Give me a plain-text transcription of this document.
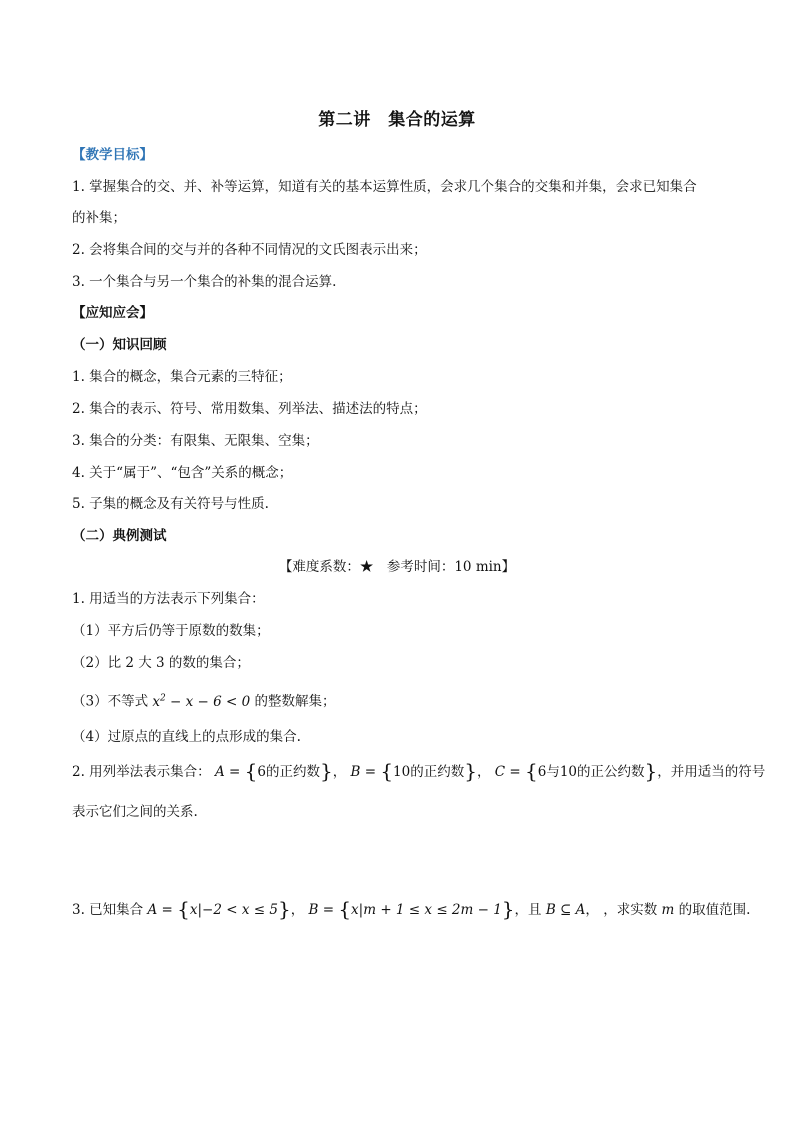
第二讲　集合的运算
【教学目标】
1. 掌握集合的交、并、补等运算，知道有关的基本运算性质，会求几个集合的交集和并集，会求已知集合
的补集；
2. 会将集合间的交与并的各种不同情况的文氏图表示出来；
3. 一个集合与另一个集合的补集的混合运算.
【应知应会】
（一）知识回顾
1. 集合的概念，集合元素的三特征；
2. 集合的表示、符号、常用数集、列举法、描述法的特点；
3. 集合的分类：有限集、无限集、空集；
4. 关于“属于”、“包含”关系的概念；
5. 子集的概念及有关符号与性质.
（二）典例测试
【难度系数：★　参考时间：10 min】
1. 用适当的方法表示下列集合：
（1）平方后仍等于原数的数集；
（2）比 2 大 3 的数的集合；
（3）不等式 $x^2 - x - 6 < 0$ 的整数解集；
（4）过原点的直线上的点形成的集合.
2. 用列举法表示集合： A = {6的正约数}， B = {10的正约数}， C = {6与10的正公约数}，并用适当的符号
表示它们之间的关系.
3. 已知集合 A = {x|−2 < x ≤ 5}， B = {x|m + 1 ≤ x ≤ 2m − 1}，且 B ⊆ A， ，求实数 m 的取值范围.
